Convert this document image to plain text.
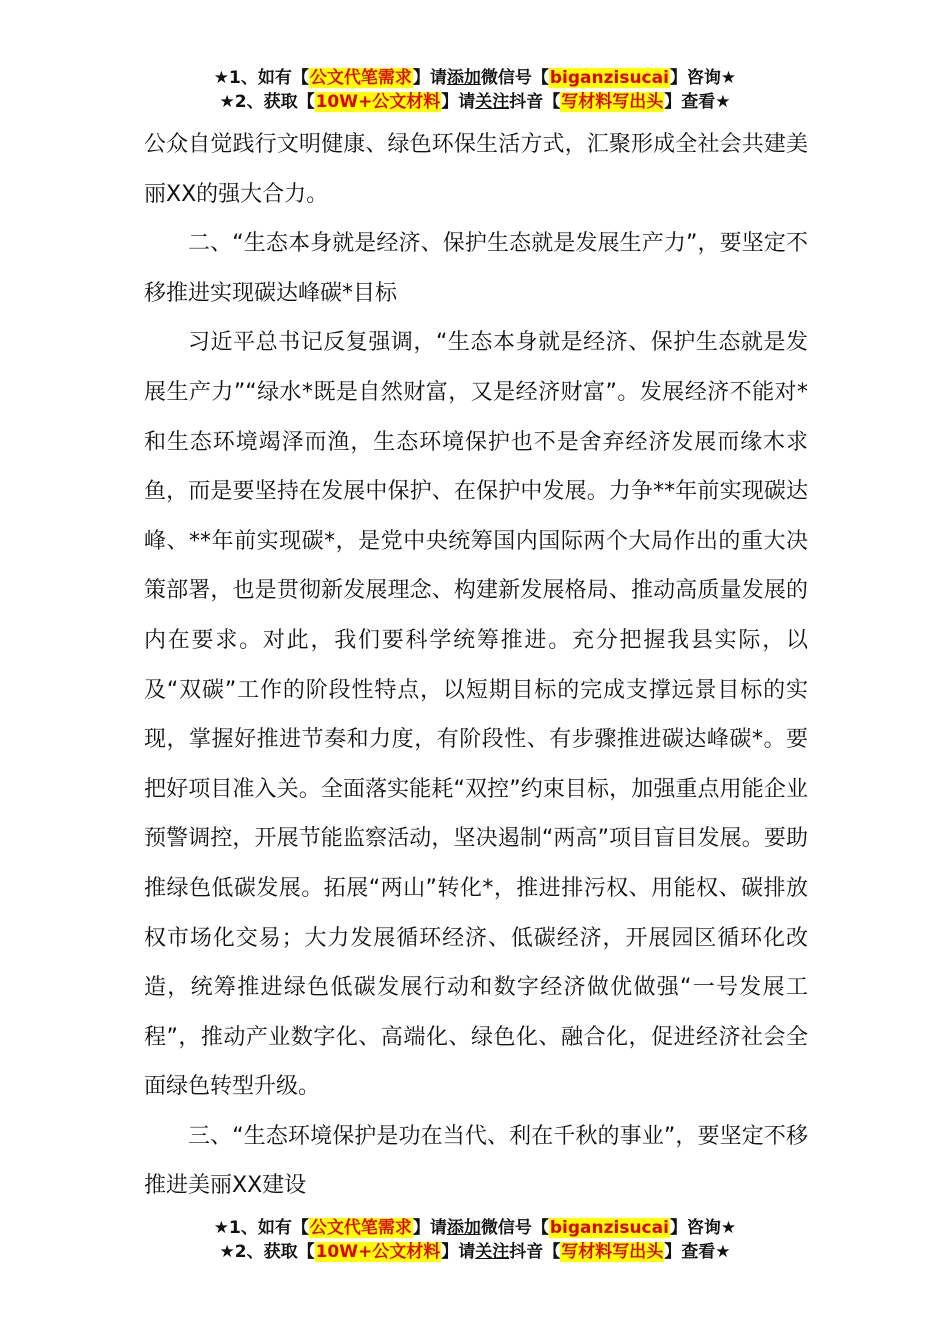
★1、如有【公文代笔需求】请添加微信号【biganzisucai】咨询★
★2、获取【10W+公文材料】请关注抖音【写材料写出头】查看★

公众自觉践行文明健康、绿色环保生活方式，汇聚形成全社会共建美丽XX的强大合力。

二、“生态本身就是经济、保护生态就是发展生产力”，要坚定不移推进实现碳达峰碳*目标

习近平总书记反复强调，“生态本身就是经济、保护生态就是发展生产力”“绿水*既是自然财富，又是经济财富”。发展经济不能对*和生态环境竭泽而渔，生态环境保护也不是舍弃经济发展而缘木求鱼，而是要坚持在发展中保护、在保护中发展。力争**年前实现碳达峰、**年前实现碳*，是党中央统筹国内国际两个大局作出的重大决策部署，也是贯彻新发展理念、构建新发展格局、推动高质量发展的内在要求。对此，我们要科学统筹推进。充分把握我县实际，以及“双碳”工作的阶段性特点，以短期目标的完成支撑远景目标的实现，掌握好推进节奏和力度，有阶段性、有步骤推进碳达峰碳*。要把好项目准入关。全面落实能耗“双控”约束目标，加强重点用能企业预警调控，开展节能监察活动，坚决遏制“两高”项目盲目发展。要助推绿色低碳发展。拓展“两山”转化*，推进排污权、用能权、碳排放权市场化交易；大力发展循环经济、低碳经济，开展园区循环化改造，统筹推进绿色低碳发展行动和数字经济做优做强“一号发展工程”，推动产业数字化、高端化、绿色化、融合化，促进经济社会全面绿色转型升级。

三、“生态环境保护是功在当代、利在千秋的事业”，要坚定不移推进美丽XX建设

★1、如有【公文代笔需求】请添加微信号【biganzisucai】咨询★
★2、获取【10W+公文材料】请关注抖音【写材料写出头】查看★
